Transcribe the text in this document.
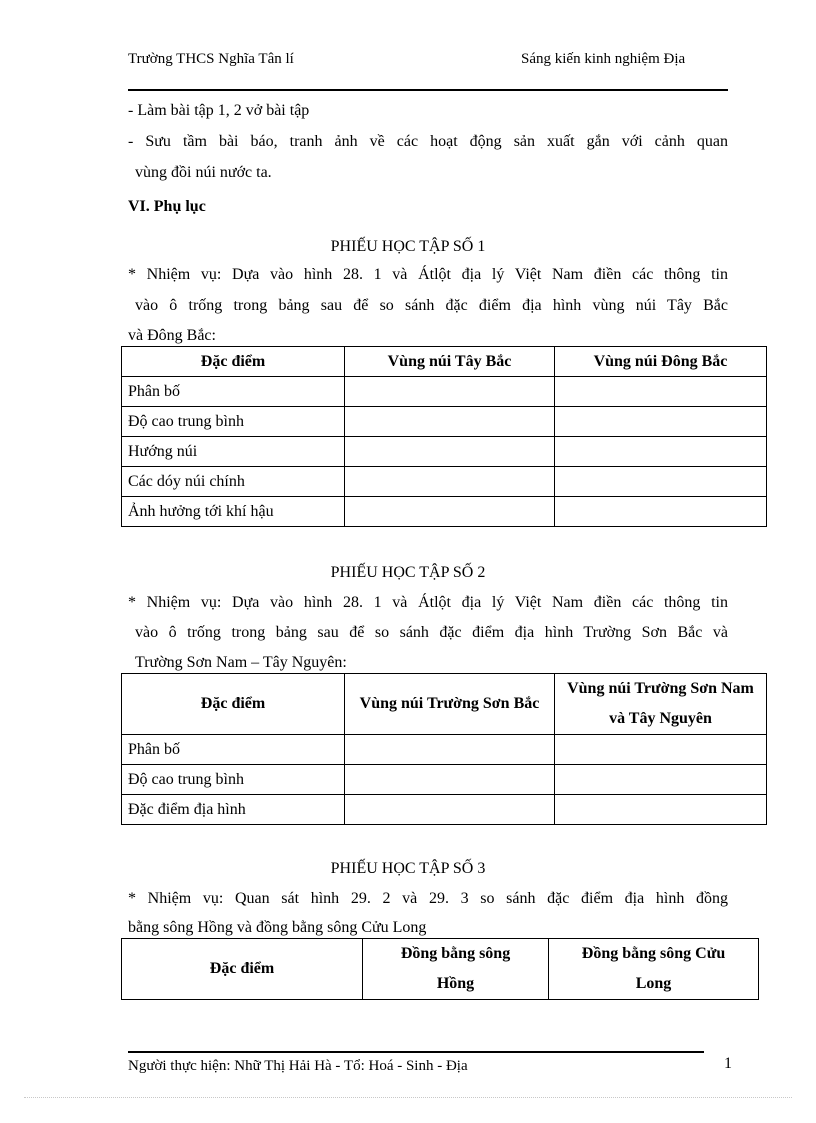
Trường THCS Nghĩa Tân lí	Sáng kiến kinh nghiệm Địa
- Làm bài tập 1, 2 vở bài tập
- Sưu tầm bài báo, tranh ảnh về các hoạt động sản xuất gắn với cảnh quan
vùng đồi núi nước ta.
VI. Phụ lục
PHIẾU HỌC TẬP SỐ 1
* Nhiệm vụ: Dựa vào hình 28. 1 và Átlột địa lý Việt Nam điền các thông tin
vào ô trống trong bảng sau để so sánh đặc điểm địa hình vùng núi Tây Bắc
và Đông Bắc:
Đặc điểm	Vùng núi Tây Bắc	Vùng núi Đông Bắc
Phân bố		
Độ cao trung bình		
Hướng núi		
Các dóy núi chính		
Ảnh hưởng tới khí hậu		
PHIẾU HỌC TẬP SỐ 2
* Nhiệm vụ: Dựa vào hình 28. 1 và Átlột địa lý Việt Nam điền các thông tin
vào ô trống trong bảng sau để so sánh đặc điểm địa hình Trường Sơn Bắc và
Trường Sơn Nam – Tây Nguyên:
Đặc điểm	Vùng núi Trường Sơn Bắc	Vùng núi Trường Sơn Nam và Tây Nguyên
Phân bố		
Độ cao trung bình		
Đặc điểm địa hình		
PHIẾU HỌC TẬP SỐ 3
* Nhiệm vụ: Quan sát hình 29. 2 và 29. 3 so sánh đặc điểm địa hình đồng
bằng sông Hồng và đồng bằng sông Cửu Long
Đặc điểm	Đồng bằng sông Hồng	Đồng bằng sông Cửu Long
Người thực hiện: Nhữ Thị Hải Hà - Tổ: Hoá - Sinh - Địa	1
